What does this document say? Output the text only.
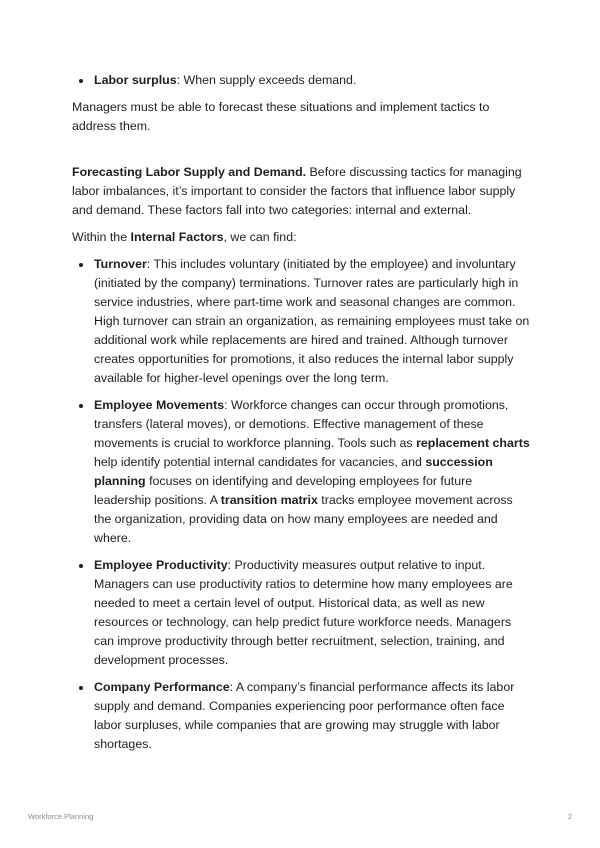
Labor surplus: When supply exceeds demand.

Managers must be able to forecast these situations and implement tactics to address them.

Forecasting Labor Supply and Demand. Before discussing tactics for managing labor imbalances, it’s important to consider the factors that influence labor supply and demand. These factors fall into two categories: internal and external.

Within the Internal Factors, we can find:

Turnover: This includes voluntary (initiated by the employee) and involuntary (initiated by the company) terminations. Turnover rates are particularly high in service industries, where part-time work and seasonal changes are common. High turnover can strain an organization, as remaining employees must take on additional work while replacements are hired and trained. Although turnover creates opportunities for promotions, it also reduces the internal labor supply available for higher-level openings over the long term.
Employee Movements: Workforce changes can occur through promotions, transfers (lateral moves), or demotions. Effective management of these movements is crucial to workforce planning. Tools such as replacement charts help identify potential internal candidates for vacancies, and succession planning focuses on identifying and developing employees for future leadership positions. A transition matrix tracks employee movement across the organization, providing data on how many employees are needed and where.
Employee Productivity: Productivity measures output relative to input. Managers can use productivity ratios to determine how many employees are needed to meet a certain level of output. Historical data, as well as new resources or technology, can help predict future workforce needs. Managers can improve productivity through better recruitment, selection, training, and development processes.
Company Performance: A company’s financial performance affects its labor supply and demand. Companies experiencing poor performance often face labor surpluses, while companies that are growing may struggle with labor shortages.
Workforce Planning	2
